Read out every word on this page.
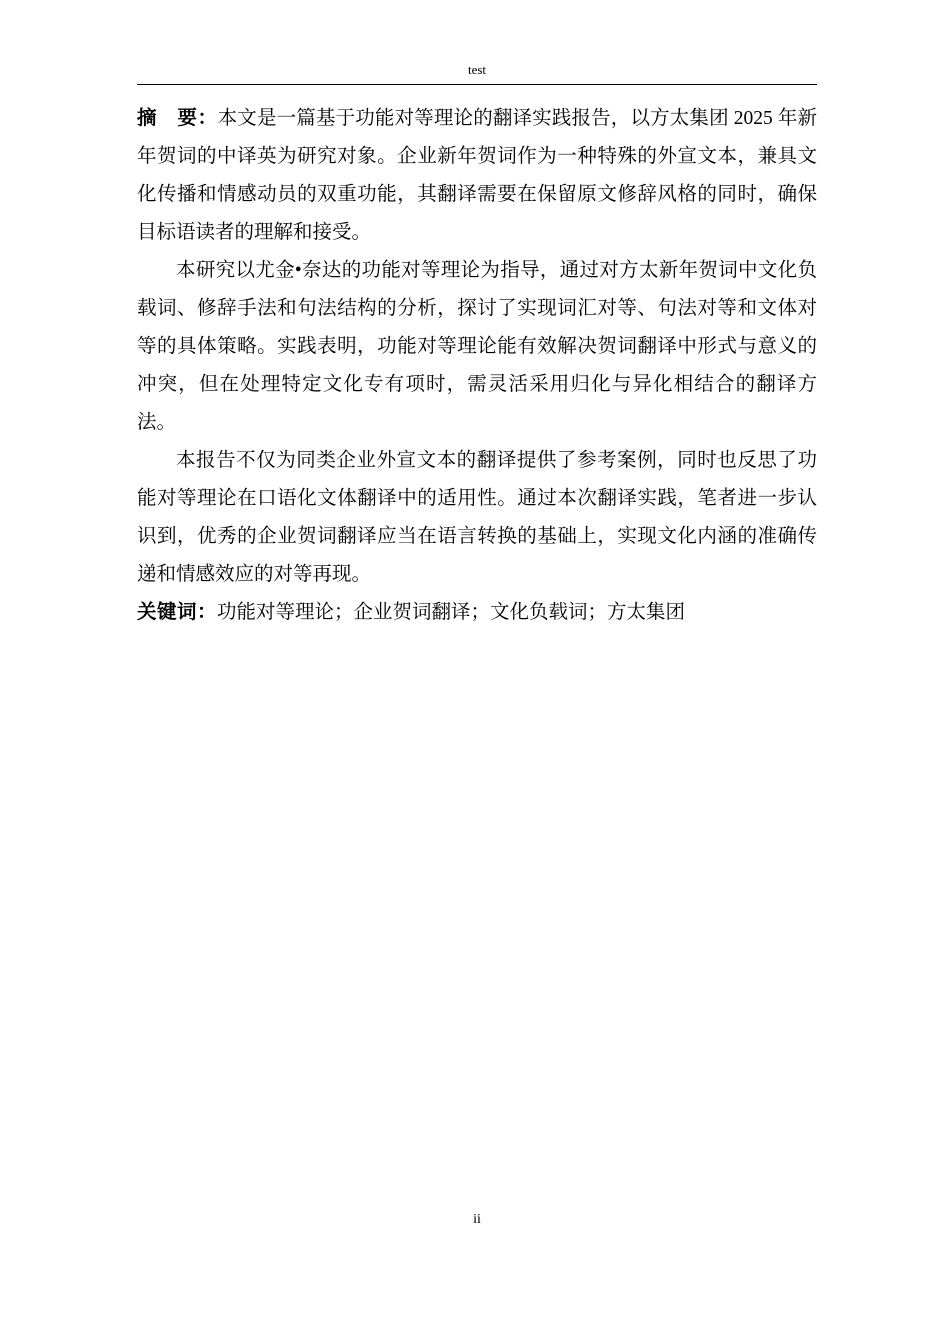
test

摘　要：本文是一篇基于功能对等理论的翻译实践报告，以方太集团 2025 年新年贺词的中译英为研究对象。企业新年贺词作为一种特殊的外宣文本，兼具文化传播和情感动员的双重功能，其翻译需要在保留原文修辞风格的同时，确保目标语读者的理解和接受。

本研究以尤金•奈达的功能对等理论为指导，通过对方太新年贺词中文化负载词、修辞手法和句法结构的分析，探讨了实现词汇对等、句法对等和文体对等的具体策略。实践表明，功能对等理论能有效解决贺词翻译中形式与意义的冲突，但在处理特定文化专有项时，需灵活采用归化与异化相结合的翻译方法。

本报告不仅为同类企业外宣文本的翻译提供了参考案例，同时也反思了功能对等理论在口语化文体翻译中的适用性。通过本次翻译实践，笔者进一步认识到，优秀的企业贺词翻译应当在语言转换的基础上，实现文化内涵的准确传递和情感效应的对等再现。

关键词：功能对等理论；企业贺词翻译；文化负载词；方太集团

ii
